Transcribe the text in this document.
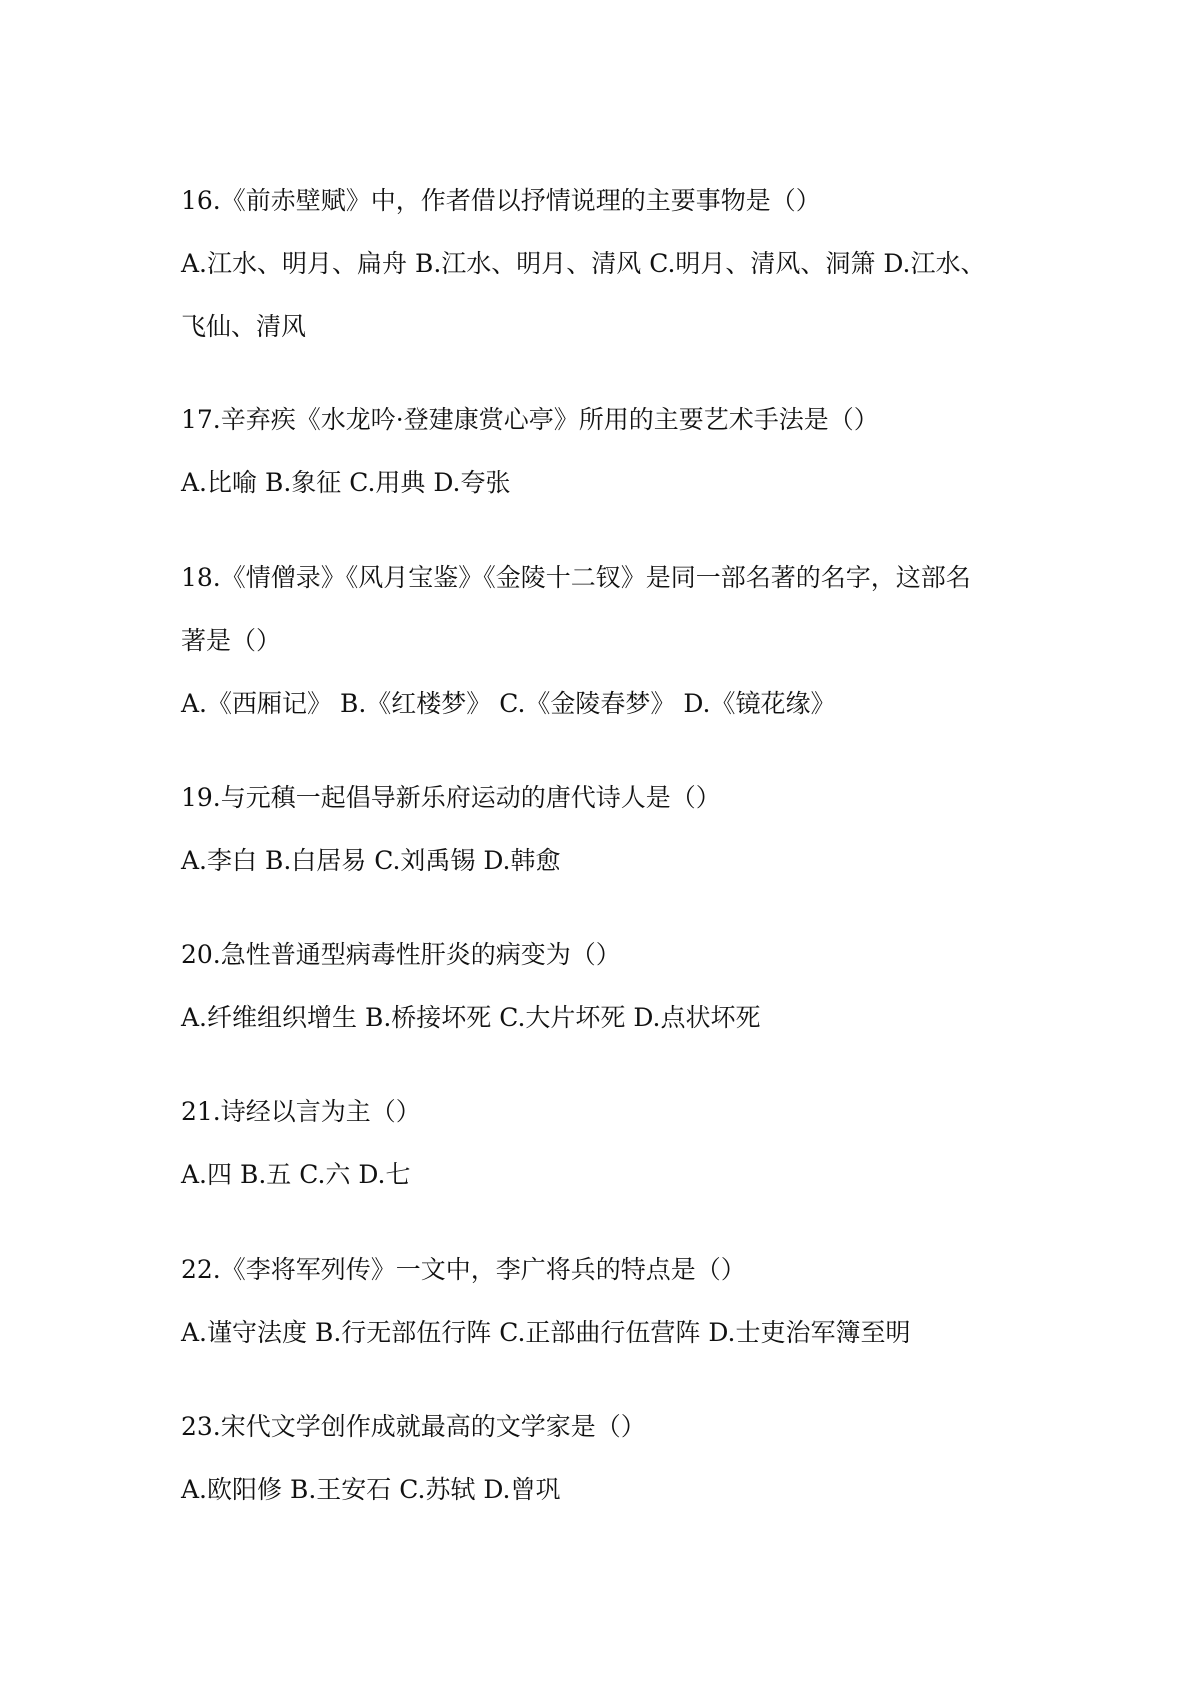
16.《前赤壁赋》中，作者借以抒情说理的主要事物是（）
A.江水、明月、扁舟 B.江水、明月、清风 C.明月、清风、洞箫 D.江水、
飞仙、清风
17.辛弃疾《水龙吟·登建康赏心亭》所用的主要艺术手法是（）
A.比喻 B.象征 C.用典 D.夸张
18.《情僧录》《风月宝鉴》《金陵十二钗》是同一部名著的名字，这部名
著是（）
A.《西厢记》 B.《红楼梦》 C.《金陵春梦》 D.《镜花缘》
19.与元稹一起倡导新乐府运动的唐代诗人是（）
A.李白 B.白居易 C.刘禹锡 D.韩愈
20.急性普通型病毒性肝炎的病变为（）
A.纤维组织增生 B.桥接坏死 C.大片坏死 D.点状坏死
21.诗经以言为主（）
A.四 B.五 C.六 D.七
22.《李将军列传》一文中，李广将兵的特点是（）
A.谨守法度 B.行无部伍行阵 C.正部曲行伍营阵 D.士吏治军簿至明
23.宋代文学创作成就最高的文学家是（）
A.欧阳修 B.王安石 C.苏轼 D.曾巩
